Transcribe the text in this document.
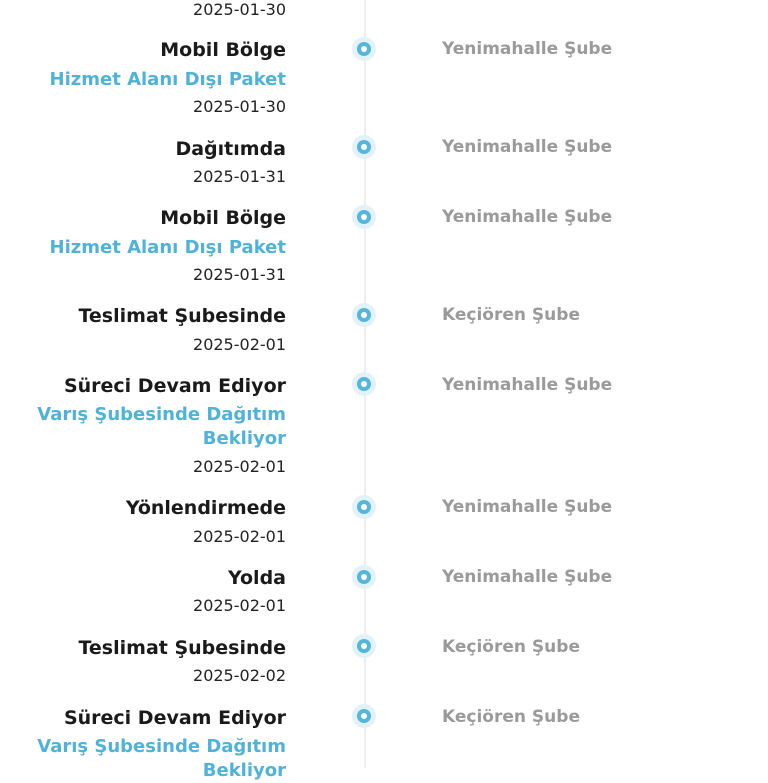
2025-01-30
Mobil Bölge
Hizmet Alanı Dışı Paket
2025-01-30
Yenimahalle Şube
Dağıtımda
2025-01-31
Yenimahalle Şube
Mobil Bölge
Hizmet Alanı Dışı Paket
2025-01-31
Yenimahalle Şube
Teslimat Şubesinde
2025-02-01
Keçiören Şube
Süreci Devam Ediyor
Varış Şubesinde Dağıtım Bekliyor
2025-02-01
Yenimahalle Şube
Yönlendirmede
2025-02-01
Yenimahalle Şube
Yolda
2025-02-01
Yenimahalle Şube
Teslimat Şubesinde
2025-02-02
Keçiören Şube
Süreci Devam Ediyor
Varış Şubesinde Dağıtım Bekliyor
Keçiören Şube
